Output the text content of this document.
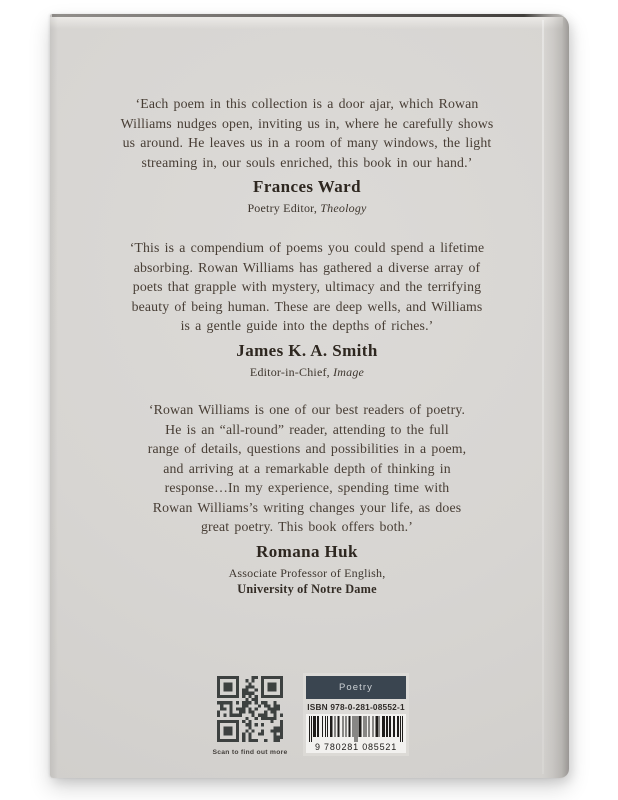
‘Each poem in this collection is a door ajar, which Rowan
Williams nudges open, inviting us in, where he carefully shows
us around. He leaves us in a room of many windows, the light
streaming in, our souls enriched, this book in our hand.’
Frances Ward
Poetry Editor, Theology
‘This is a compendium of poems you could spend a lifetime
absorbing. Rowan Williams has gathered a diverse array of
poets that grapple with mystery, ultimacy and the terrifying
beauty of being human. These are deep wells, and Williams
is a gentle guide into the depths of riches.’
James K. A. Smith
Editor-in-Chief, Image
‘Rowan Williams is one of our best readers of poetry.
He is an “all-round” reader, attending to the full
range of details, questions and possibilities in a poem,
and arriving at a remarkable depth of thinking in
response…In my experience, spending time with
Rowan Williams’s writing changes your life, as does
great poetry. This book offers both.’
Romana Huk
Associate Professor of English,
University of Notre Dame
Scan to find out more
Poetry
ISBN 978-0-281-08552-1
9 780281 085521
